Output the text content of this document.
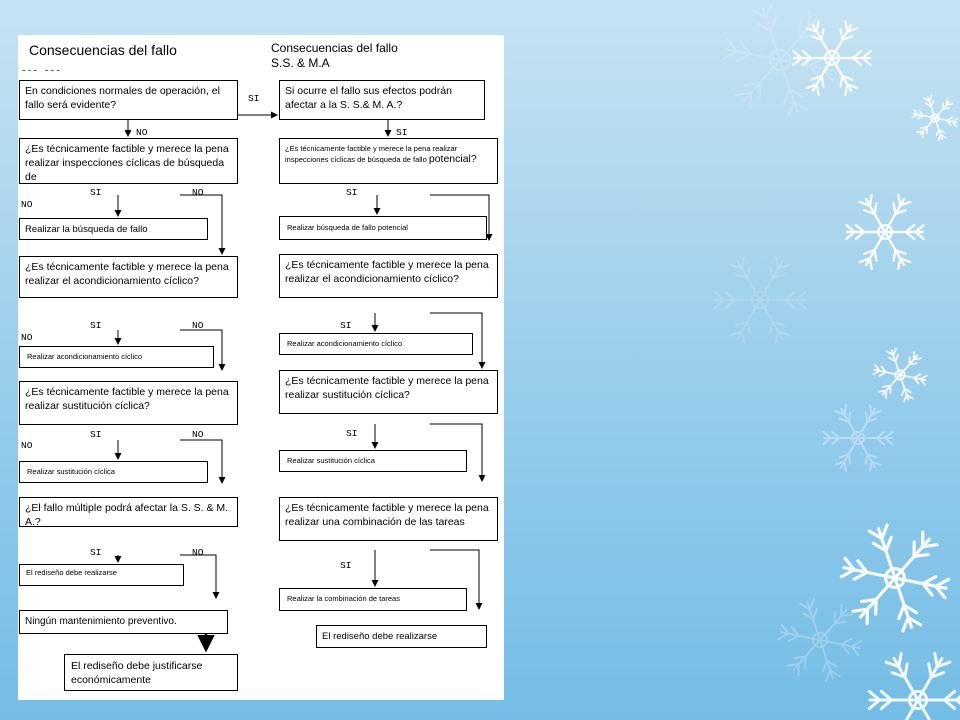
Consecuencias del fallo	Consecuencias del fallo
S.S. & M.A
--- ---
En condiciones normales de operación, el fallo será evidente?
SI
NO
¿Es técnicamente factible y merece la pena realizar inspecciones cíclicas de búsqueda de
SI	NO
NO
Realizar la búsqueda de fallo
¿Es técnicamente factible y merece la pena realizar el acondicionamiento cíclico?
SI	NO
NO
Realizar acondicionamiento cíclico
¿Es técnicamente factible y merece la pena realizar sustitución cíclica?
SI	NO
NO
Realizar sustitución cíclica
¿El fallo múltiple podrá afectar la S. S. & M. A.?
SI	NO
El rediseño debe realizarse
Ningún mantenimiento preventivo.
El rediseño debe justificarse económicamente
Si ocurre el fallo sus efectos podrán afectar a la S. S.& M. A.?
SI
¿Es técnicamente factible y merece la pena realizar inspecciones cíclicas de búsqueda de fallo potencial?
SI
Realizar búsqueda de fallo potencial
¿Es técnicamente factible y merece la pena realizar el acondicionamiento cíclico?
SI
Realizar acondicionamiento cíclico
¿Es técnicamente factible y merece la pena realizar sustitución cíclica?
SI
Realizar sustitución cíclica
¿Es técnicamente factible y merece la pena realizar una combinación de las tareas
SI
Realizar la combinación de tareas
El rediseño debe realizarse
